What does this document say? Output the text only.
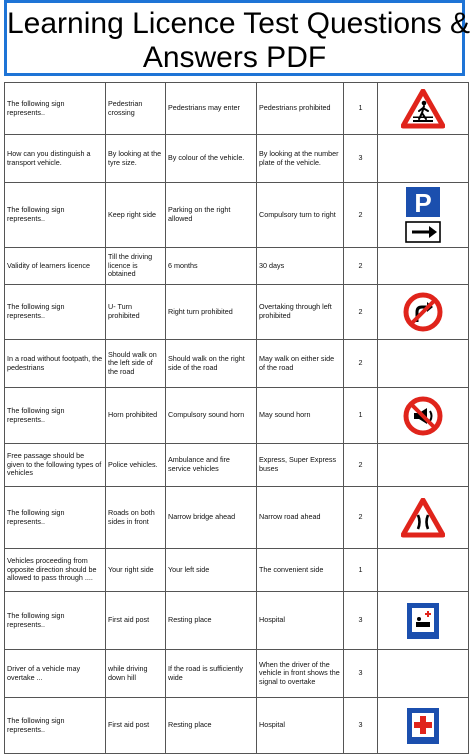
Learning Licence Test Questions &
Answers PDF
The following sign represents..	Pedestrian crossing	Pedestrians may enter	Pedestrians prohibited	1	

How can you distinguish a transport vehicle.	By looking at the tyre size.	By colour of the vehicle.	By looking at the number plate of the vehicle.	3	
The following sign represents..	Keep right side	Parking on the right allowed	Compulsory turn to right	2	P

Validity of learners licence	Till the driving licence is obtained	6 months	30 days	2	
The following sign represents..	U- Turn prohibited	Right turn prohibited	Overtaking through left prohibited	2	

In a road without footpath, the pedestrians	Should walk on the left side of the road	Should walk on the right side of the road	May walk on either side of the road	2	
The following sign represents..	Horn prohibited	Compulsory sound horn	May sound horn	1	

Free passage should be given to the following types of vehicles	Police vehicles.	Ambulance and fire service vehicles	Express, Super Express buses	2	
The following sign represents..	Roads on both sides in front	Narrow bridge ahead	Narrow road ahead	2	

Vehicles proceeding from opposite direction should be allowed to pass through ....	Your right side	Your left side	The convenient side	1	
The following sign represents..	First aid post	Resting place	Hospital	3	

Driver of a vehicle may overtake ...	while driving down hill	If the road is sufficiently wide	When the driver of the vehicle in front shows the signal to overtake	3	
The following sign represents..	First aid post	Resting place	Hospital	3	
